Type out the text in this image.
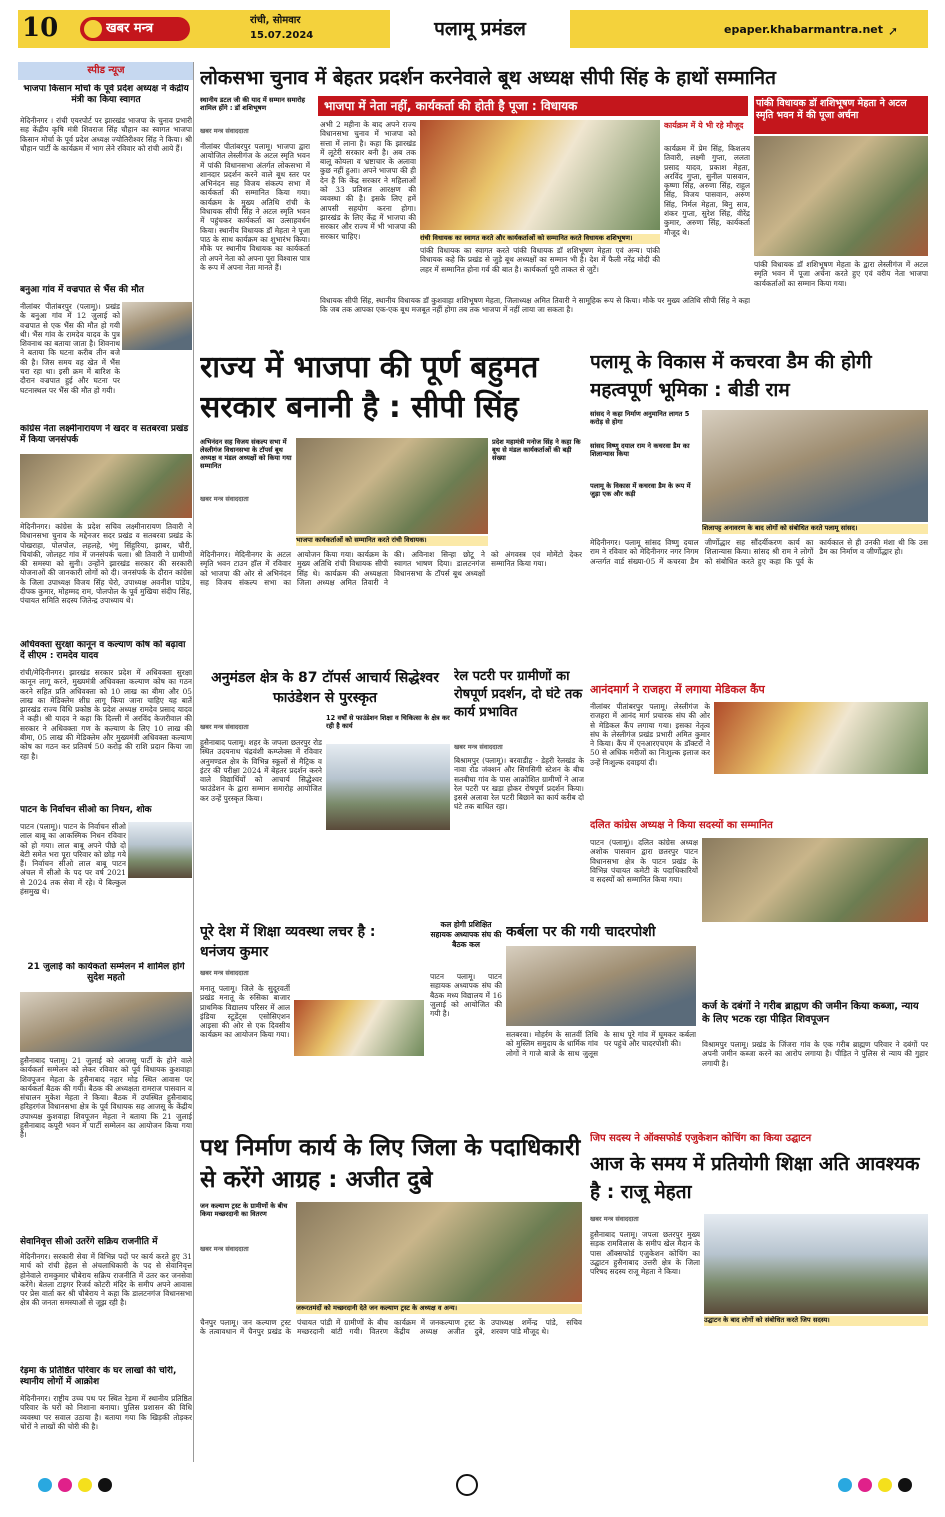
10	खबर मन्त्र
रांची, सोमवार
15.07.2024	पलामू प्रमंडल	epaper.khabarmantra.net ➚
स्पीड न्यूज
भाजपा किसान मोर्चा के पूर्व प्रदेश अध्यक्ष ने केंद्रीय मंत्री का किया स्वागत
मेदिनीनगर । रांची एयरपोर्ट पर झारखंड भाजपा के चुनाव प्रभारी सह केंद्रीय कृषि मंत्री शिवराज सिंह चौहान का स्वागत भाजपा किसान मोर्चा के पूर्व प्रदेश अध्यक्ष ज्योतिरीश्वर सिंह ने किया। श्री चौहान पार्टी के कार्यक्रम में भाग लेने रविवार को रांची आये हैं।
बनुआ गांव में वज्रपात से भैंस की मौत
नीलांबर पीतांबरपुर (पलामू)। प्रखंड के बनुआ गांव में 12 जुलाई को वज्रपात से एक भैंस की मौत हो गयी थी। भैंस गांव के रामदेव यादव के पुत्र शिवनाथ का बताया जाता है। शिवनाथ ने बताया कि घटना करीब तीन बजे की है। जिस समय वह खेत में भैंस चरा रहा था। इसी क्रम में बारिश के दौरान वज्रपात हुई और घटना पर घटनास्थल पर भैंस की मौत हो गयी।
कांग्रेस नेता लक्ष्मीनारायण ने खदर व सतबरवा प्रखंड में किया जनसंपर्क
मेदिनीनगर। कांग्रेस के प्रदेश सचिव लक्ष्मीनारायण तिवारी ने विधानसभा चुनाव के मद्देनजर सदर प्रखंड व सतबरवा प्रखंड के पोखराहा, पोलपोल, लहलहे, भंगु सिंहुरिया, झाबर, चौरी, चियांकी, जोलहट गांव में जनसंपर्क चला। श्री तिवारी ने ग्रामीणों की समस्या को सुनी। उन्होंने झारखंड सरकार की सरकारी योजनाओं की जानकारी लोगों को दी। जनसंपर्क के दौरान कांग्रेस के जिला उपाध्यक्ष विजय सिंह चेरो, उपाध्यक्ष अवनीश पांडेय, दीपक कुमार, मोहम्मद राम, पोलपोल के पूर्व मुखिया संदीप सिंह, पंचायत समिति सदस्य जितेन्द्र उपाध्याय थे।
अधिवक्ता सुरक्षा कानून व कल्याण कोष को बढ़ावा दें सीएम : रामदेव यादव
रांची/मेदिनीनगर। झारखंड सरकार प्रदेश में अधिवक्ता सुरक्षा कानून लागू करने, मुख्यमंत्री अधिवक्ता कल्याण कोष का गठन करने सहित प्रति अधिवक्ता को 10 लाख का बीमा और 05 लाख का मेडिक्लेम शीघ्र लागू किया जाना चाहिए यह बातें झारखंड राज्य विधि प्रकोष्ठ के प्रदेश अध्यक्ष रामदेव प्रसाद यादव ने कही। श्री यादव ने कहा कि दिल्ली में अरविंद केजरीवाल की सरकार ने अधिवक्ता गण के कल्याण के लिए 10 लाख की बीमा, 05 लाख की मेडिक्लेम और मुख्यमंत्री अधिवक्ता कल्याण कोष का गठन कर प्रतिवर्ष 50 करोड़ की राशि प्रदान किया जा रहा है।
पाटन के निर्वाचन सीओ का निधन, शोक
पाटन (पलामू)। पाटन के निर्वाचन सीओ लाल बाबू का आकस्मिक निधन रविवार को हो गया। लाल बाबू अपने पीछे दो बेटी समेत भरा पूरा परिवार को छोड़ गये हैं। निर्वाचन सीओ लाल बाबू पाटन अंचल में सीओ के पद पर वर्ष 2021 से 2024 तक सेवा में रहे। ये बिल्कुल हंसमुख थे।
21 जुलाई को कार्यकर्ता सम्मेलन में शामिल होंगे सुदेश महतो
हुसैनाबाद पलामू। 21 जुलाई को आजसू पार्टी के होने वाले कार्यकर्ता सम्मेलन को लेकर रविवार को पूर्व विधायक कुशवाहा शिवपूजन मेहता के हुसैनाबाद नहार मोड़ स्थित आवास पर कार्यकर्ता बैठक की गयी। बैठक की अध्यक्षता रामराज पासवान व संचालन मुकेश मेहता ने किया। बैठक में उपस्थित हुसैनाबाद हरिहरगंज विधानसभा क्षेत्र के पूर्व विधायक सह आजसू के केंद्रीय उपाध्यक्ष कुशवाहा शिवपूजन मेहता ने बताया कि 21 जुलाई हुसैनाबाद कपूरी भवन में पार्टी सम्मेलन का आयोजन किया गया है।
सेवानिवृत्त सीओ उतरेंगे सक्रिय राजनीति में
मेदिनीनगर। सरकारी सेवा में विभिन्न पदों पर कार्य करते हुए 31 मार्च को रांची हेहल से अंचलाधिकारी के पद से सेवानिवृत्त होनेवाले रामकुमार चौबेराय सक्रिय राजनीति में उतर कर जनसेवा करेंगे। बेतला टाइगर रिजर्व कोटरी मंदिर के समीप अपने आवास पर प्रेस वार्ता कर श्री चौबेराय ने कहा कि डालटनगंज विधानसभा क्षेत्र की जनता समस्याओं से जूझ रही है।
रेड़मा के प्रतिष्ठित परिवार के घर लाखों की चोरी, स्थानीय लोगों में आक्रोश
मेदिनीनगर। राष्ट्रीय उच्च पथ पर स्थित रेड़मा में स्थानीय प्रतिष्ठित परिवार के घरों को निशाना बनाया। पुलिस प्रशासन की विधि व्यवस्था पर सवाल उठाया है। बताया गया कि खिड़की तोड़कर चोरों ने लाखों की चोरी की है।
लोकसभा चुनाव में बेहतर प्रदर्शन करनेवाले बूथ अध्यक्ष सीपी सिंह के हाथों सम्मानित
स्थानीय डटल जी की याद में सम्मान समारोह शामिल होंगे : डॉ शशिभूषण
खबर मन्त्र संवाददाता
नीलांबर पीतांबरपुर पलामू। भाजपा द्वारा आयोजित लेस्लीगंज के अटल स्मृति भवन में पांकी विधानसभा अंतर्गत लोकसभा में शानदार प्रदर्शन करने वाले बूथ स्तर पर अभिनंदन सह विजय संकल्प सभा में कार्यकर्ता की सम्मानित किया गया। कार्यक्रम के मुख्य अतिथि रांची के विधायक सीपी सिंह ने अटल स्मृति भवन में पहुंचकर कार्यकर्ता का उत्साहवर्धन किया। स्थानीय विधायक डॉ मेहता ने पूजा पाठ के साथ कार्यक्रम का शुभारंभ किया। मौके पर स्थानीय विधायक का कार्यकर्ता तो अपने नेता को अपना पूरा विश्वास पात्र के रूप में अपना नेता मानते हैं।
भाजपा में नेता नहीं, कार्यकर्ता की होती है पूजा : विधायक
अभी 2 महीना के बाद अपने राज्य विधानसभा चुनाव में भाजपा को सत्ता में लाना है। कहा कि झारखंड में लूटेरी सरकार बनी है। अब तक बालू कोयला व भ्रष्टाचार के अलावा कुछ नहीं हुआ। अपने भाजपा की ही देन है कि केंद्र सरकार ने महिलाओं को 33 प्रतिशत आरक्षण की व्यवस्था की है। इसके लिए हमें आपसी सहयोग करना होगा। झारखंड के लिए केंद्र में भाजपा की सरकार और राज्य में भी भाजपा की सरकार चाहिए।
कार्यक्रम में ये भी रहे मौजूद
कार्यक्रम में प्रेम सिंह, किशलय तिवारी, लक्ष्मी गुप्ता, ललता प्रसाद यादव, प्रकाश मेहता, अरविंद गुप्ता, सुनील पासवान, कृष्णा सिंह, अरुणा सिंह, राहुल सिंह, विजय पासवान, अरुण सिंह, निर्मल मेहता, बिनु साव, शंकर गुप्ता, सुरेश सिंह, वीरेंद्र कुमार, अरुणा सिंह, कार्यकर्ता मौजूद थे।
रांची विधायक का स्वागत करते और कार्यकर्ताओं को सम्मानित करते विधायक शशिभूषण।
पांकी विधायक का स्वागत करते पांकी विधायक डॉ शशिभूषण मेहता एवं अन्य। पांकी विधायक कहे कि प्रखंड से जुड़े बूथ अध्यक्षों का सम्मान भी है। देश में फैली नरेंद्र मोदी की लहर में सम्मानित होना गर्व की बात है। कार्यकर्ता पूरी ताकत से जुटें।
विधायक सीपी सिंह, स्थानीय विधायक डॉ कुशवाहा शशिभूषण मेहता, जिलाध्यक्ष अमित तिवारी ने सामूहिक रूप से किया। मौके पर मुख्य अतिथि सीपी सिंह ने कहा कि जब तक आपका एक-एक बूथ मजबूत नहीं होगा तब तक भाजपा में नहीं लाया जा सकता है।
पांकी विधायक डॉ शशिभूषण मेहता ने अटल स्मृति भवन में की पूजा अर्चना
पांकी विधायक डॉ शशिभूषण मेहता के द्वारा लेस्लीगंज में अटल स्मृति भवन में पूजा अर्चना करते हुए एवं वरीय नेता भाजपा कार्यकर्ताओं का सम्मान किया गया।
राज्य में भाजपा की पूर्ण बहुमत सरकार बनानी है : सीपी सिंह
अभिनंदन सह विजय संकल्प सभा में लेस्लीगंज विधानसभा के टॉपर्स बूथ अध्यक्ष व मंडल अध्यक्षों को किया गया सम्मानित
प्रदेश महामंत्री मनोज सिंह ने कहा कि बूथ से मंडल कार्यकर्ताओं की बड़ी संख्या
खबर मन्त्र संवाददाता
भाजपा कार्यकर्ताओं को सम्मानित करते रांची विधायक।
मेदिनीनगर। मेदिनीनगर के अटल स्मृति भवन टाउन हॉल में रविवार को भाजपा की ओर से अभिनंदन सह विजय संकल्प सभा का आयोजन किया गया। कार्यक्रम के मुख्य अतिथि रांची विधायक सीपी सिंह थे। कार्यक्रम की अध्यक्षता जिला अध्यक्ष अमित तिवारी ने की। अविनाश सिन्हा छोटू ने स्वागत भाषण दिया। डालटनगंज विधानसभा के टॉपर्स बूथ अध्यक्षों को अंगवस्त्र एवं मोमेंटो देकर सम्मानित किया गया।
पलामू के विकास में कचरवा डैम की होगी महत्वपूर्ण भूमिका : बीडी राम
सांसद ने कहा निर्माण अनुमानित लागत 5 करोड़ से होगा
सांसद विष्णु दयाल राम ने कचरवा डैम का शिलान्यास किया
पलामू के विकास में कचरवा डैम के रूप में जुड़ा एक और कड़ी
शिलापट्ट अनावरण के बाद लोगों को संबोधित करते पलामू सांसद।
मेदिनीनगर। पलामू सांसद विष्णु दयाल राम ने रविवार को मेदिनीनगर नगर निगम अन्तर्गत वार्ड संख्या-05 में कचरवा डैम जीर्णोद्धार सह सौंदर्यीकरण कार्य का शिलान्यास किया। सांसद श्री राम ने लोगों को संबोधित करते हुए कहा कि पूर्व के कार्यकाल से ही उनकी मंशा थी कि उस डैम का निर्माण व जीर्णोद्धार हो।
आनंदमार्ग ने राजहरा में लगाया मेडिकल कैंप
नीलांबर पीतांबरपुर पलामू। लेस्लीगंज के राजहरा में आनंद मार्ग प्रचारक संघ की ओर से मेडिकल कैंप लगाया गया। इसका नेतृत्व संघ के लेस्लीगंज प्रखंड प्रभारी अमित कुमार ने किया। कैंप में एनआरएचएम के डॉक्टरों ने 50 से अधिक मरीजों का निःशुल्क इलाज कर उन्हें निःशुल्क दवाइयां दी।
दलित कांग्रेस अध्यक्ष ने किया सदस्यों का सम्मानित
पाटन (पलामू)। दलित कांग्रेस अध्यक्ष अशोक पासवान द्वारा छतरपुर पाटन विधानसभा क्षेत्र के पाटन प्रखंड के विभिन्न पंचायत कमेटी के पदाधिकारियों व सदस्यों को सम्मानित किया गया।
अनुमंडल क्षेत्र के 87 टॉपर्स आचार्य सिद्धेश्वर फाउंडेशन से पुरस्कृत
12 वर्षों से फाउंडेशन शिक्षा व चिकित्सा के क्षेत्र कर रही है कार्य
खबर मन्त्र संवाददाता
हुसैनाबाद पलामू। शहर के जपला छतरपुर रोड स्थित उदयनाथ चंद्रवंशी कम्प्लेक्स में रविवार अनुमण्डल क्षेत्र के विभिन्न स्कूलों से मैट्रिक व इंटर की परीक्षा 2024 में बेहतर प्रदर्शन करने वाले विद्यार्थियों को आचार्य सिद्धेश्वर फाउंडेशन के द्वारा सम्मान समारोह आयोजित कर उन्हें पुरस्कृत किया।
रेल पटरी पर ग्रामीणों का रोषपूर्ण प्रदर्शन, दो घंटे तक कार्य प्रभावित
खबर मन्त्र संवाददाता
बिश्रामपुर (पलामू)। बरवाडीह - डेहरी रेलखंड के नावा रोड जंक्शन और सिगसिगी स्टेशन के बीच सतबीघा गांव के पास आक्रोशित ग्रामीणों ने आज रेल पटरी पर खड़ा होकर रोषपूर्ण प्रदर्शन किया। इससे अलावा रेल पटरी बिछाने का कार्य करीब दो घंटे तक बाधित रहा।
पूरे देश में शिक्षा व्यवस्था लचर है : धनंजय कुमार
खबर मन्त्र संवाददाता
मनातू पलामू। जिले के सुदूरवर्ती प्रखंड मनातू के रुसिका बाजार प्राथमिक विद्यालय परिसर में आल इंडिया स्टूडेंट्स एसोसिएशन आइसा की ओर से एक दिवसीय कार्यक्रम का आयोजन किया गया।
कल होगी प्रशिक्षित सहायक अध्यापक संघ की बैठक कल
पाटन पलामू। पाटन सहायक अध्यापक संघ की बैठक मध्य विद्यालय में 16 जुलाई को आयोजित की गयी है।
कर्बला पर की गयी चादरपोशी
सतबरवा। मोहर्रम के सातवीं तिथि को मुस्लिम समुदाय के धार्मिक गांव लोगों ने गाजे बाजे के साथ जुलूस के साथ पूरे गांव में घूमकर कर्बला पर पहुंचे और चादरपोशी की।
कर्ज के दबंगों ने गरीब ब्राह्मण की जमीन किया कब्जा, न्याय के लिए भटक रहा पीड़ित शिवपूजन
विश्रामपुर पलामू। प्रखंड के जिंजरा गांव के एक गरीब ब्राह्मण परिवार ने दबंगों पर अपनी जमीन कब्जा करने का आरोप लगाया है। पीड़ित ने पुलिस से न्याय की गुहार लगायी है।
पथ निर्माण कार्य के लिए जिला के पदाधिकारी से करेंगे आग्रह : अजीत दुबे
जन कल्याण ट्रस्ट के ग्रामीणों के बीच किया मच्छरदानी का वितरण
खबर मन्त्र संवाददाता
जरूरतमंदों को मच्छरदानी देते जन कल्याण ट्रस्ट के अध्यक्ष व अन्य।
चैनपुर पलामू। जन कल्याण ट्रस्ट के तत्वावधान में चैनपुर प्रखंड के पंचायत पांडी में ग्रामीणों के बीच मच्छरदानी बांटी गयी। वितरण कार्यक्रम में जनकल्याण ट्रस्ट के केंद्रीय अध्यक्ष अजीत दुबे, उपाध्यक्ष शर्मेन्द्र पांडे, सचिव शरवण पांडे मौजूद थे।
जिप सदस्य ने ऑक्सफोर्ड एजुकेशन कोचिंग का किया उद्घाटन
आज के समय में प्रतियोगी शिक्षा अति आवश्यक है : राजू मेहता
खबर मन्त्र संवाददाता
उद्घाटन के बाद लोगों को संबोधित करते जिप सदस्य।
हुसैनाबाद पलामू। जपला छतरपुर मुख्य सड़क रामविलास के समीप खेल मैदान के पास ऑक्सफोर्ड एजुकेशन कोचिंग का उद्घाटन हुसैनाबाद उत्तरी क्षेत्र के जिला परिषद सदस्य राजू मेहता ने किया।
